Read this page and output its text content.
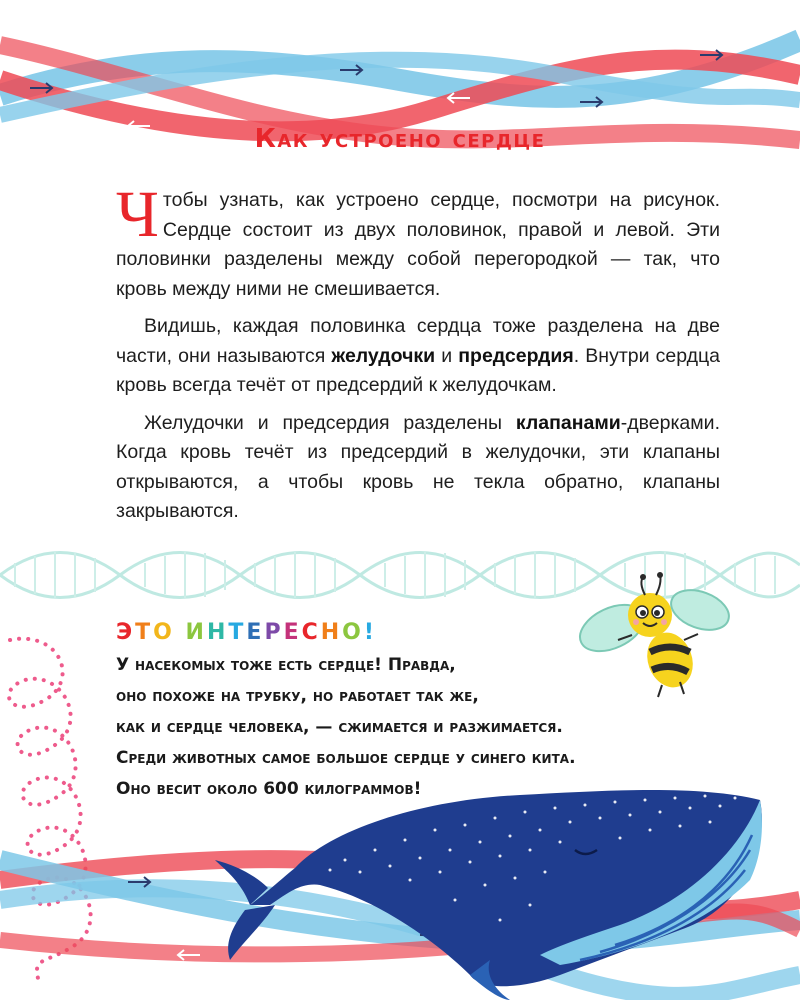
Как устроено сердце

Чтобы узнать, как устроено сердце, посмотри на рисунок. Сердце состоит из двух половинок, правой и левой. Эти половинки разделены между собой перегородкой — так, что кровь между ними не смешивается.

Видишь, каждая половинка сердца тоже разделена на две части, они называются желудочки и предсердия. Внутри сердца кровь всегда течёт от предсердий к желудочкам.

Желудочки и предсердия разделены клапанами-дверками. Когда кровь течёт из предсердий в желудочки, эти клапаны открываются, а чтобы кровь не текла обратно, клапаны закрываются.

ЭТО ИНТЕРЕСНО!
У насекомых тоже есть сердце! Правда,
оно похоже на трубку, но работает так же,
как и сердце человека, — сжимается и разжимается.
Среди животных самое большое сердце у синего кита.
Оно весит около 600 килограммов!
